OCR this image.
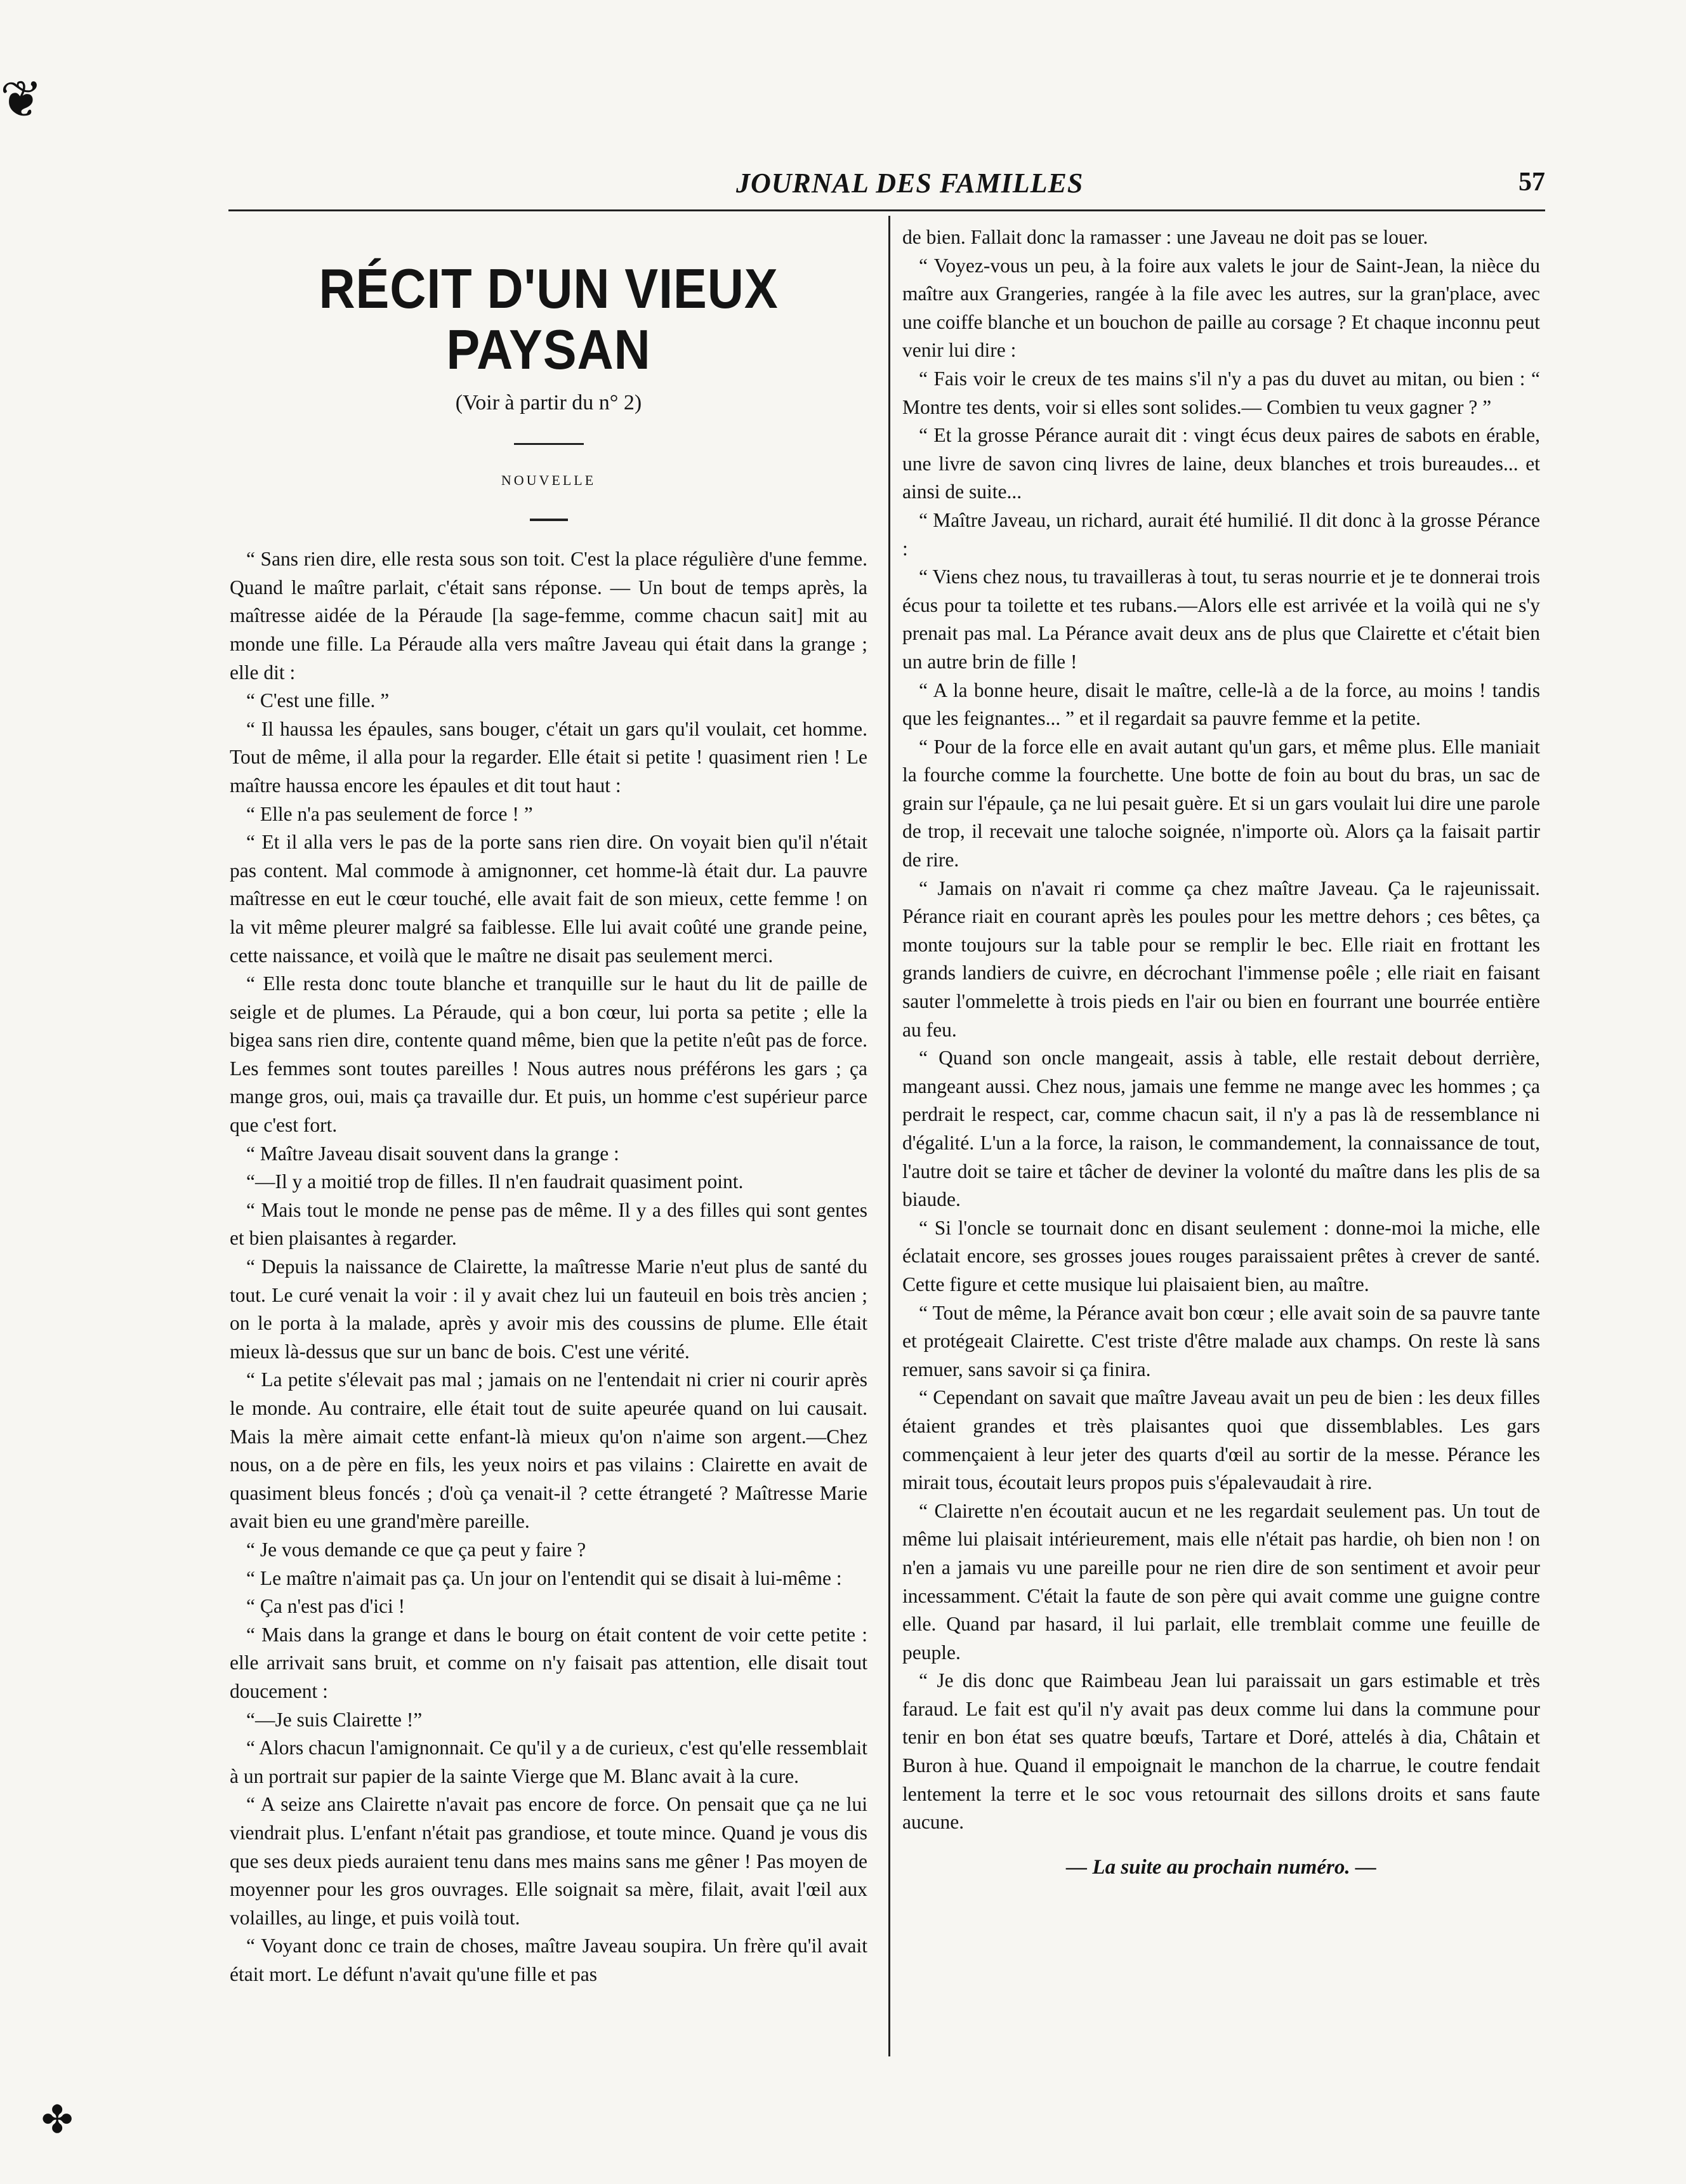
❦
✤
JOURNAL DES FAMILLES	57
RÉCIT D'UN VIEUX PAYSAN
(Voir à partir du n° 2)
NOUVELLE

“ Sans rien dire, elle resta sous son toit. C'est la place régulière d'une femme. Quand le maître parlait, c'était sans réponse. — Un bout de temps après, la maîtresse aidée de la Péraude [la sage-femme, comme chacun sait] mit au monde une fille. La Péraude alla vers maître Javeau qui était dans la grange ; elle dit :

“ C'est une fille. ”

“ Il haussa les épaules, sans bouger, c'était un gars qu'il voulait, cet homme. Tout de même, il alla pour la regarder. Elle était si petite ! quasiment rien ! Le maître haussa encore les épaules et dit tout haut :

“ Elle n'a pas seulement de force ! ”

“ Et il alla vers le pas de la porte sans rien dire. On voyait bien qu'il n'était pas content. Mal commode à amignonner, cet homme-là était dur. La pauvre maîtresse en eut le cœur touché, elle avait fait de son mieux, cette femme ! on la vit même pleurer malgré sa faiblesse. Elle lui avait coûté une grande peine, cette naissance, et voilà que le maître ne disait pas seulement merci.

“ Elle resta donc toute blanche et tranquille sur le haut du lit de paille de seigle et de plumes. La Péraude, qui a bon cœur, lui porta sa petite ; elle la bigea sans rien dire, contente quand même, bien que la petite n'eût pas de force. Les femmes sont toutes pareilles ! Nous autres nous préférons les gars ; ça mange gros, oui, mais ça travaille dur. Et puis, un homme c'est supérieur parce que c'est fort.

“ Maître Javeau disait souvent dans la grange :

“—Il y a moitié trop de filles. Il n'en faudrait quasiment point.

“ Mais tout le monde ne pense pas de même. Il y a des filles qui sont gentes et bien plaisantes à regarder.

“ Depuis la naissance de Clairette, la maîtresse Marie n'eut plus de santé du tout. Le curé venait la voir : il y avait chez lui un fauteuil en bois très ancien ; on le porta à la malade, après y avoir mis des coussins de plume. Elle était mieux là-dessus que sur un banc de bois. C'est une vérité.

“ La petite s'élevait pas mal ; jamais on ne l'entendait ni crier ni courir après le monde. Au contraire, elle était tout de suite apeurée quand on lui causait. Mais la mère aimait cette enfant-là mieux qu'on n'aime son argent.—Chez nous, on a de père en fils, les yeux noirs et pas vilains : Clairette en avait de quasiment bleus foncés ; d'où ça venait-il ? cette étrangeté ? Maîtresse Marie avait bien eu une grand'mère pareille.

“ Je vous demande ce que ça peut y faire ?

“ Le maître n'aimait pas ça. Un jour on l'entendit qui se disait à lui-même :

“ Ça n'est pas d'ici !

“ Mais dans la grange et dans le bourg on était content de voir cette petite : elle arrivait sans bruit, et comme on n'y faisait pas attention, elle disait tout doucement :

“—Je suis Clairette !”

“ Alors chacun l'amignonnait. Ce qu'il y a de curieux, c'est qu'elle ressemblait à un portrait sur papier de la sainte Vierge que M. Blanc avait à la cure.

“ A seize ans Clairette n'avait pas encore de force. On pensait que ça ne lui viendrait plus. L'enfant n'était pas grandiose, et toute mince. Quand je vous dis que ses deux pieds auraient tenu dans mes mains sans me gêner ! Pas moyen de moyenner pour les gros ouvrages. Elle soignait sa mère, filait, avait l'œil aux volailles, au linge, et puis voilà tout.

“ Voyant donc ce train de choses, maître Javeau soupira. Un frère qu'il avait était mort. Le défunt n'avait qu'une fille et pas

de bien. Fallait donc la ramasser : une Javeau ne doit pas se louer.

“ Voyez-vous un peu, à la foire aux valets le jour de Saint-Jean, la nièce du maître aux Grangeries, rangée à la file avec les autres, sur la gran'place, avec une coiffe blanche et un bouchon de paille au corsage ? Et chaque inconnu peut venir lui dire :

“ Fais voir le creux de tes mains s'il n'y a pas du duvet au mitan, ou bien : “ Montre tes dents, voir si elles sont solides.— Combien tu veux gagner ? ”

“ Et la grosse Pérance aurait dit : vingt écus deux paires de sabots en érable, une livre de savon cinq livres de laine, deux blanches et trois bureaudes... et ainsi de suite...

“ Maître Javeau, un richard, aurait été humilié. Il dit donc à la grosse Pérance :

“ Viens chez nous, tu travailleras à tout, tu seras nourrie et je te donnerai trois écus pour ta toilette et tes rubans.—Alors elle est arrivée et la voilà qui ne s'y prenait pas mal. La Pérance avait deux ans de plus que Clairette et c'était bien un autre brin de fille !

“ A la bonne heure, disait le maître, celle-là a de la force, au moins ! tandis que les feignantes... ” et il regardait sa pauvre femme et la petite.

“ Pour de la force elle en avait autant qu'un gars, et même plus. Elle maniait la fourche comme la fourchette. Une botte de foin au bout du bras, un sac de grain sur l'épaule, ça ne lui pesait guère. Et si un gars voulait lui dire une parole de trop, il recevait une taloche soignée, n'importe où. Alors ça la faisait partir de rire.

“ Jamais on n'avait ri comme ça chez maître Javeau. Ça le rajeunissait. Pérance riait en courant après les poules pour les mettre dehors ; ces bêtes, ça monte toujours sur la table pour se remplir le bec. Elle riait en frottant les grands landiers de cuivre, en décrochant l'immense poêle ; elle riait en faisant sauter l'ommelette à trois pieds en l'air ou bien en fourrant une bourrée entière au feu.

“ Quand son oncle mangeait, assis à table, elle restait debout derrière, mangeant aussi. Chez nous, jamais une femme ne mange avec les hommes ; ça perdrait le respect, car, comme chacun sait, il n'y a pas là de ressemblance ni d'égalité. L'un a la force, la raison, le commandement, la connaissance de tout, l'autre doit se taire et tâcher de deviner la volonté du maître dans les plis de sa biaude.

“ Si l'oncle se tournait donc en disant seulement : donne-moi la miche, elle éclatait encore, ses grosses joues rouges paraissaient prêtes à crever de santé. Cette figure et cette musique lui plaisaient bien, au maître.

“ Tout de même, la Pérance avait bon cœur ; elle avait soin de sa pauvre tante et protégeait Clairette. C'est triste d'être malade aux champs. On reste là sans remuer, sans savoir si ça finira.

“ Cependant on savait que maître Javeau avait un peu de bien : les deux filles étaient grandes et très plaisantes quoi que dissemblables. Les gars commençaient à leur jeter des quarts d'œil au sortir de la messe. Pérance les mirait tous, écoutait leurs propos puis s'épalevaudait à rire.

“ Clairette n'en écoutait aucun et ne les regardait seulement pas. Un tout de même lui plaisait intérieurement, mais elle n'était pas hardie, oh bien non ! on n'en a jamais vu une pareille pour ne rien dire de son sentiment et avoir peur incessamment. C'était la faute de son père qui avait comme une guigne contre elle. Quand par hasard, il lui parlait, elle tremblait comme une feuille de peuple.

“ Je dis donc que Raimbeau Jean lui paraissait un gars estimable et très faraud. Le fait est qu'il n'y avait pas deux comme lui dans la commune pour tenir en bon état ses quatre bœufs, Tartare et Doré, attelés à dia, Châtain et Buron à hue. Quand il empoignait le manchon de la charrue, le coutre fendait lentement la terre et le soc vous retournait des sillons droits et sans faute aucune.

— La suite au prochain numéro. —
